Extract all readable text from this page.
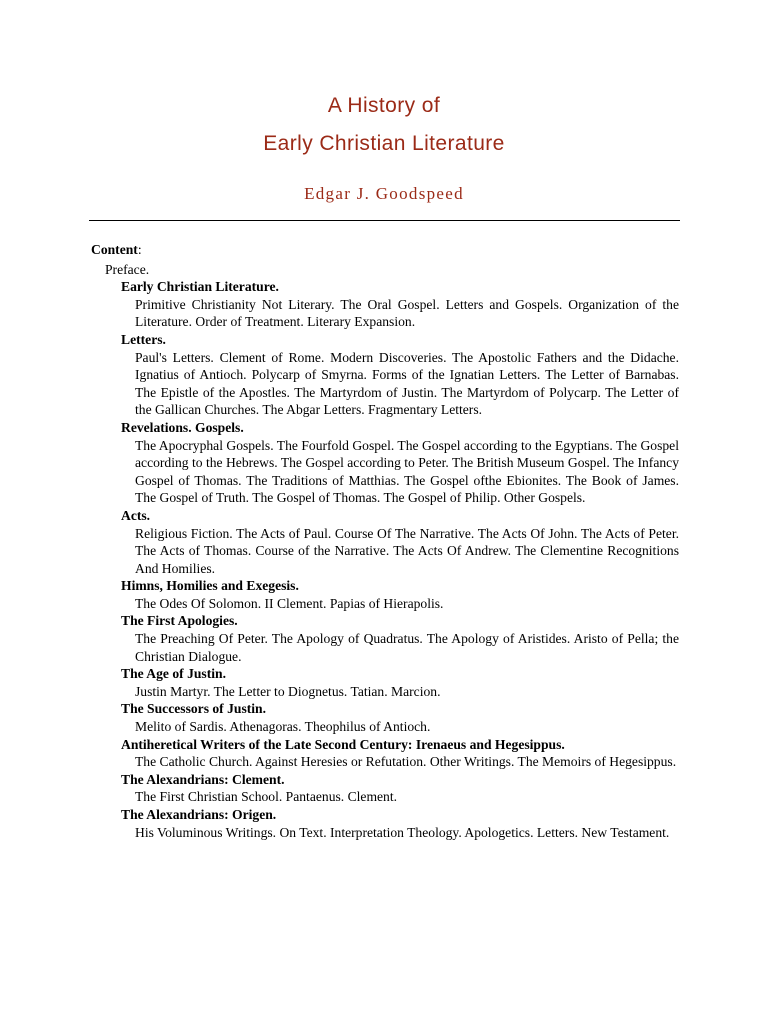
A History of
Early Christian Literature
Edgar J. Goodspeed
Content:
Preface.
Early Christian Literature.
Primitive Christianity Not Literary. The Oral Gospel. Letters and Gospels. Organization of the Literature. Order of Treatment. Literary Expansion.
Letters.
Paul's Letters. Clement of Rome. Modern Discoveries. The Apostolic Fathers and the Didache. Ignatius of Antioch. Polycarp of Smyrna. Forms of the Ignatian Letters. The Letter of Barnabas. The Epistle of the Apostles. The Martyrdom of Justin. The Martyrdom of Polycarp. The Letter of the Gallican Churches. The Abgar Letters. Fragmentary Letters.
Revelations. Gospels.
The Apocryphal Gospels. The Fourfold Gospel. The Gospel according to the Egyptians. The Gospel according to the Hebrews. The Gospel according to Peter. The British Museum Gospel. The Infancy Gospel of Thomas. The Traditions of Matthias. The Gospel ofthe Ebionites. The Book of James. The Gospel of Truth. The Gospel of Thomas. The Gospel of Philip. Other Gospels.
Acts.
Religious Fiction. The Acts of Paul. Course Of The Narrative. The Acts Of John. The Acts of Peter. The Acts of Thomas. Course of the Narrative. The Acts Of Andrew. The Clementine Recognitions And Homilies.
Himns, Homilies and Exegesis.
The Odes Of Solomon. II Clement. Papias of Hierapolis.
The First Apologies.
The Preaching Of Peter. The Apology of Quadratus. The Apology of Aristides. Aristo of Pella; the Christian Dialogue.
The Age of Justin.
Justin Martyr. The Letter to Diognetus. Tatian. Marcion.
The Successors of Justin.
Melito of Sardis. Athenagoras. Theophilus of Antioch.
Antiheretical Writers of the Late Second Century: Irenaeus and Hegesippus.
The Catholic Church. Against Heresies or Refutation. Other Writings. The Memoirs of Hegesippus.
The Alexandrians: Clement.
The First Christian School. Pantaenus. Clement.
The Alexandrians: Origen.
His Voluminous Writings. On Text. Interpretation Theology. Apologetics. Letters. New Testament.
